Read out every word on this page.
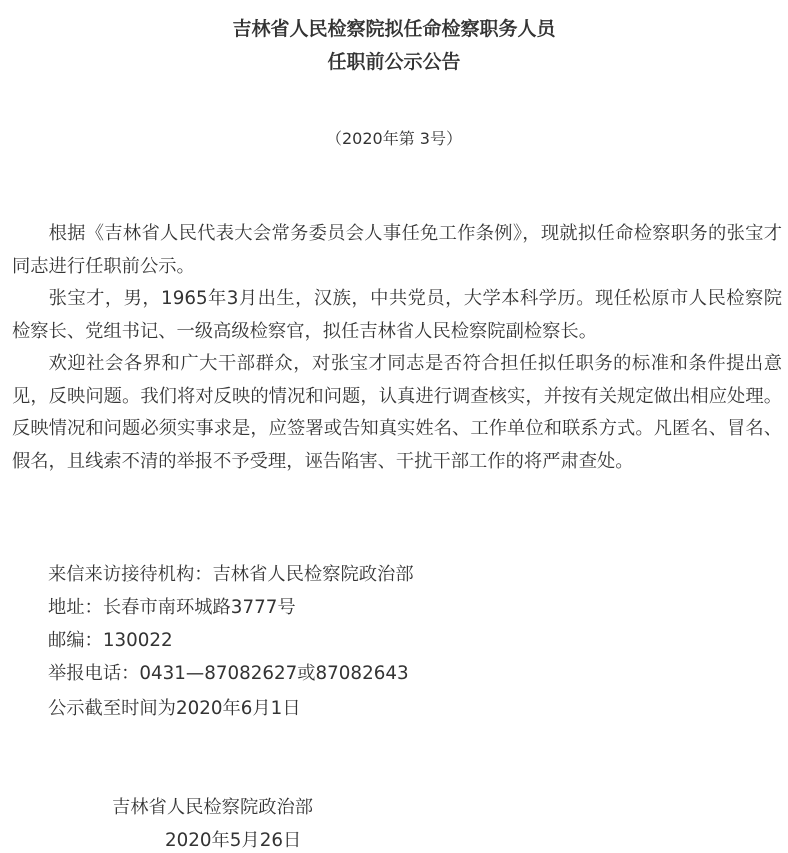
吉林省人民检察院拟任命检察职务人员
任职前公示公告
（2020年第 3号）

根据《吉林省人民代表大会常务委员会人事任免工作条例》，现就拟任命检察职务的张宝才同志进行任职前公示。

张宝才，男，1965年3月出生，汉族，中共党员，大学本科学历。现任松原市人民检察院检察长、党组书记、一级高级检察官，拟任吉林省人民检察院副检察长。

欢迎社会各界和广大干部群众，对张宝才同志是否符合担任拟任职务的标准和条件提出意见，反映问题。我们将对反映的情况和问题，认真进行调查核实，并按有关规定做出相应处理。反映情况和问题必须实事求是，应签署或告知真实姓名、工作单位和联系方式。凡匿名、冒名、假名，且线索不清的举报不予受理，诬告陷害、干扰干部工作的将严肃查处。

来信来访接待机构：吉林省人民检察院政治部
地址：长春市南环城路3777号
邮编：130022
举报电话：0431—87082627或87082643
公示截至时间为2020年6月1日
吉林省人民检察院政治部
2020年5月26日
